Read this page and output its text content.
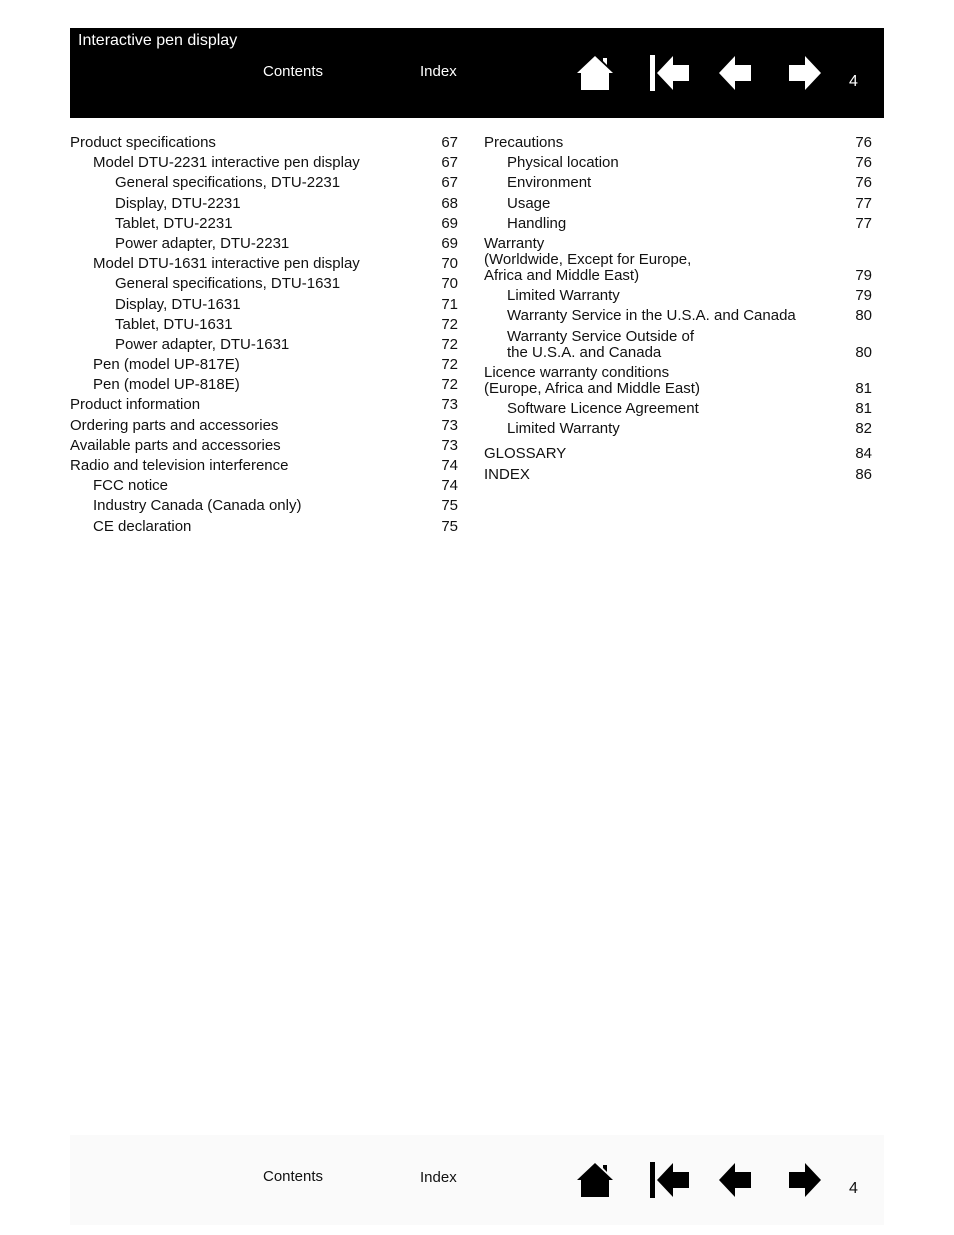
Interactive pen display
Contents	Index
4
Product specifications	67
Model DTU-2231 interactive pen display	67
General specifications, DTU-2231	67
Display, DTU-2231	68
Tablet, DTU-2231	69
Power adapter, DTU-2231	69
Model DTU-1631 interactive pen display	70
General specifications, DTU-1631	70
Display, DTU-1631	71
Tablet, DTU-1631	72
Power adapter, DTU-1631	72
Pen (model UP-817E)	72
Pen (model UP-818E)	72
Product information	73
Ordering parts and accessories	73
Available parts and accessories	73
Radio and television interference	74
FCC notice	74
Industry Canada (Canada only)	75
CE declaration	75
Precautions	76
Physical location	76
Environment	76
Usage	77
Handling	77
Warranty
(Worldwide, Except for Europe,
Africa and Middle East)	79
Limited Warranty	79
Warranty Service in the U.S.A. and Canada	80
Warranty Service Outside of
the U.S.A. and Canada	80
Licence warranty conditions
(Europe, Africa and Middle East)	81
Software Licence Agreement	81
Limited Warranty	82
GLOSSARY	84
INDEX	86
Contents	Index
4
